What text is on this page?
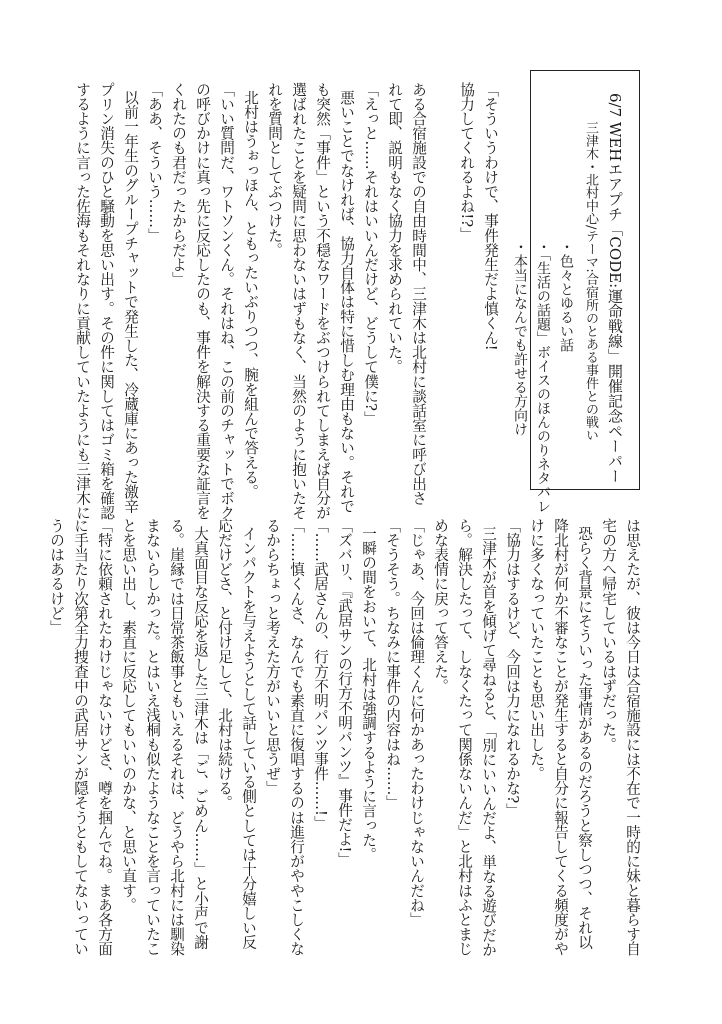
6/7 WEHエアプチ「CODE:運命戦線」開催記念ペーパー

三津木・北村中心/テーマ:合宿所のとある事件との戦い

・色々とゆるい話

・「生活の話題」ボイスのほんのりネタバレ

・本当になんでも許せる方向け

「そういうわけで、事件発生だよ慎くん!

協力してくれるよね!?」

ある合宿施設での自由時間中、三津木は北村に談話室に呼び出さ

れて即、説明もなく協力を求められていた。

「えっと……それはいいんだけど、どうして僕に?」

悪いことでなければ、協力自体は特に惜しむ理由もない。それで

も突然「事件」という不穏なワードをぶつけられてしまえば自分が

選ばれたことを疑問に思わないはずもなく、当然のように抱いたそ

れを質問としてぶつけた。

北村はうぉっほん、ともったいぶりつつ、腕を組んで答える。

「いい質問だ、ワトソンくん。それはね、この前のチャットでボク

の呼びかけに真っ先に反応したのも、事件を解決する重要な証言を

くれたのも君だったからだよ」

「ああ、そういう……」

以前一年生のグループチャットで発生した、冷蔵庫にあった激辛

プリン消失のひと騒動を思い出す。その件に関してはゴミ箱を確認

するように言った佐海もそれなりに貢献していたようにも三津木に

は思えたが、彼は今日は合宿施設には不在で一時的に妹と暮らす自

宅の方へ帰宅しているはずだった。

恐らく背景にそういった事情があるのだろうと察しつつ、それ以

降北村が何か不審なことが発生すると自分に報告してくる頻度がや

けに多くなっていたことも思い出した。

「協力はするけど、今回は力になれるかな?」

三津木が首を傾げて尋ねると、「別にいいんだよ、単なる遊びだか

ら。解決したって、しなくたって関係ないんだ」と北村はふとまじ

めな表情に戻って答えた。

「じゃあ、今回は倫理くんに何かあったわけじゃないんだね」

「そうそう。ちなみに事件の内容はね……」

一瞬の間をおいて、北村は強調するように言った。

「ズバリ、『武居サンの行方不明パンツ』事件だよ!」

「……武居さんの、行方不明パンツ事件……!」

「……慎くんさ、なんでも素直に復唱するのは進行がややこしくな

るからちょっと考えた方がいいと思うぜ」

インパクトを与えようとして話している側としては十分嬉しい反

応だけどさ、と付け足して、北村は続ける。

大真面目な反応を返した三津木は「ご、ごめん……」と小声で謝

る。崖縁では日常茶飯事ともいえるそれは、どうやら北村には馴染

まないらしかった。とはいえ浅桐も似たようなことを言っていたこ

とを思い出し、素直に反応してもいいのかな、と思い直す。

「特に依頼されたわけじゃないけどさ、噂を掴んでね。まあ各方面

に手当たり次第全力捜査中の武居サンが隠そうともしてないってい

うのはあるけど」
